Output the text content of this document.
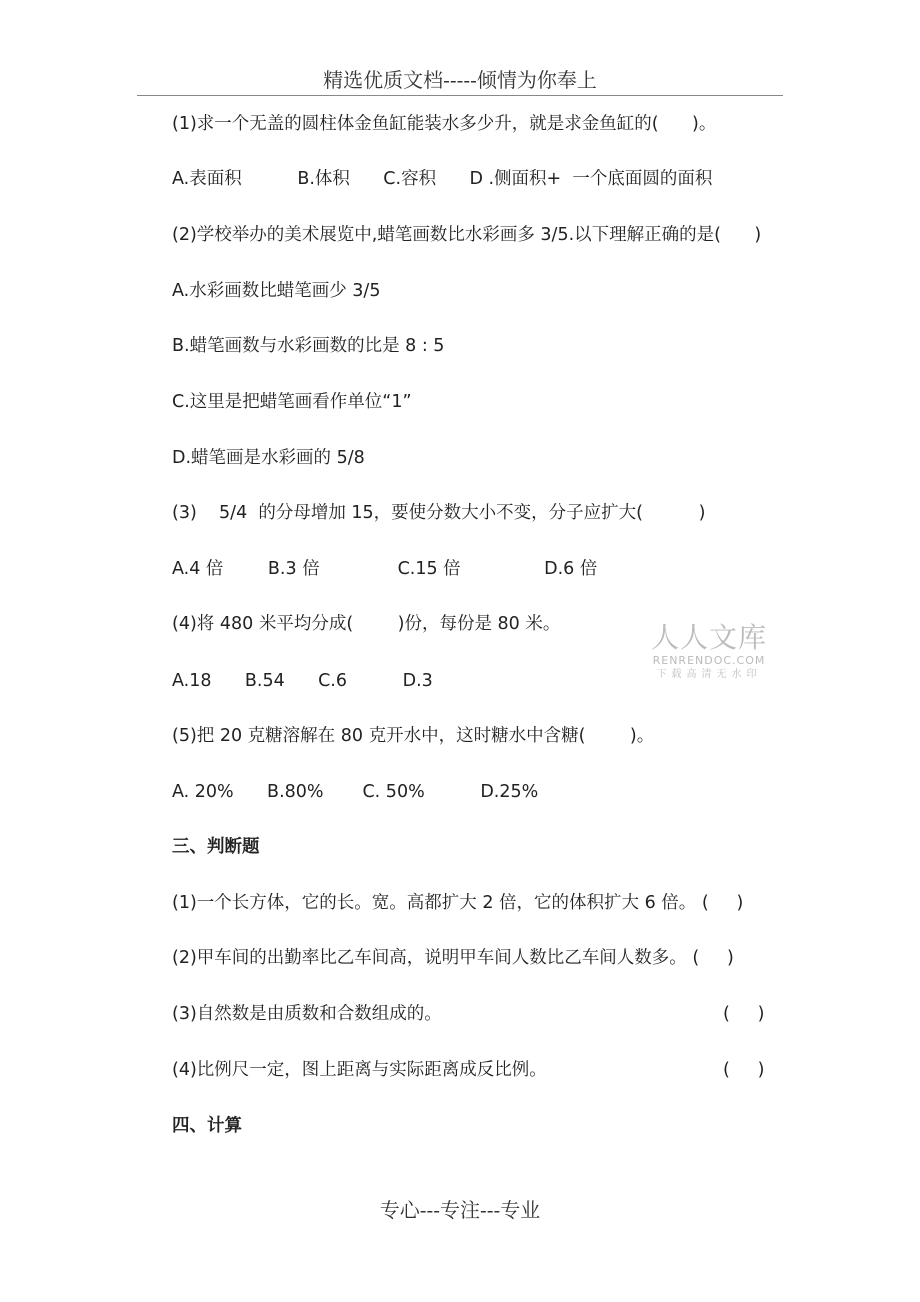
精选优质文档-----倾情为你奉上
(1)求一个无盖的圆柱体金鱼缸能装水多少升，就是求金鱼缸的(      )。
A.表面积          B.体积      C.容积      D .侧面积+  一个底面圆的面积
(2)学校举办的美术展览中,蜡笔画数比水彩画多 3/5.以下理解正确的是(      )
A.水彩画数比蜡笔画少 3/5
B.蜡笔画数与水彩画数的比是 8 : 5
C.这里是把蜡笔画看作单位“1”
D.蜡笔画是水彩画的 5/8
(3)    5/4  的分母增加 15，要使分数大小不变，分子应扩大(          )
A.4 倍        B.3 倍              C.15 倍               D.6 倍
(4)将 480 米平均分成(        )份，每份是 80 米。
A.18      B.54      C.6          D.3
(5)把 20 克糖溶解在 80 克开水中，这时糖水中含糖(        )。
A. 20%      B.80%       C. 50%          D.25%
三、判断题
(1)一个长方体，它的长。宽。高都扩大 2 倍，它的体积扩大 6 倍。 (     )
(2)甲车间的出勤率比乙车间高，说明甲车间人数比乙车间人数多。 (     )
(3)自然数是由质数和合数组成的。	(     )
(4)比例尺一定，图上距离与实际距离成反比例。	(     )
四、计算
人人文库
RENRENDOC.COM
下载高清无水印
专心---专注---专业
